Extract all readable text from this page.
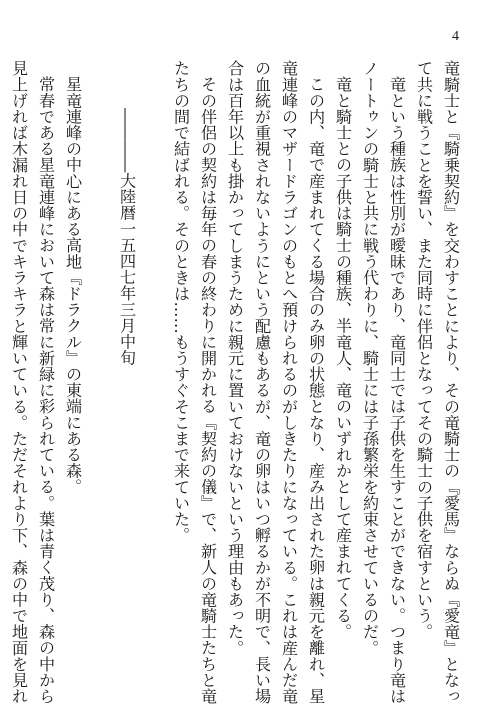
4

竜騎士と『騎乗契約』を交わすことにより、その竜騎士の『愛馬』ならぬ『愛竜』となっ

て共に戦うことを誓い、また同時に伴侶となってその騎士の子供を宿すという。

竜という種族は性別が曖昧であり、竜同士では子供を生すことができない。つまり竜は

ノートゥンの騎士と共に戦う代わりに、騎士には子孫繁栄を約束させているのだ。

竜と騎士との子供は騎士の種族、半竜人、竜のいずれかとして産まれてくる。

この内、竜で産まれてくる場合のみ卵の状態となり、産み出された卵は親元を離れ、星

竜連峰のマザードラゴンのもとへ預けられるのがしきたりになっている。これは産んだ竜

の血統が重視されないようにという配慮もあるが、竜の卵はいつ孵るかが不明で、長い場

合は百年以上も掛かってしまうために親元に置いておけないという理由もあった。

その伴侶の契約は毎年の春の終わりに開かれる『契約の儀』で、新人の竜騎士たちと竜

たちの間で結ばれる。そのときは……もうすぐそこまで来ていた。

――――大陸暦一五四七年三月中旬

星竜連峰の中心にある高地『ドラクル』の東端にある森。

常春である星竜連峰において森は常に新緑に彩られている。葉は青く茂り、森の中から

見上げれば木漏れ日の中でキラキラと輝いている。ただそれより下、森の中で地面を見れ
